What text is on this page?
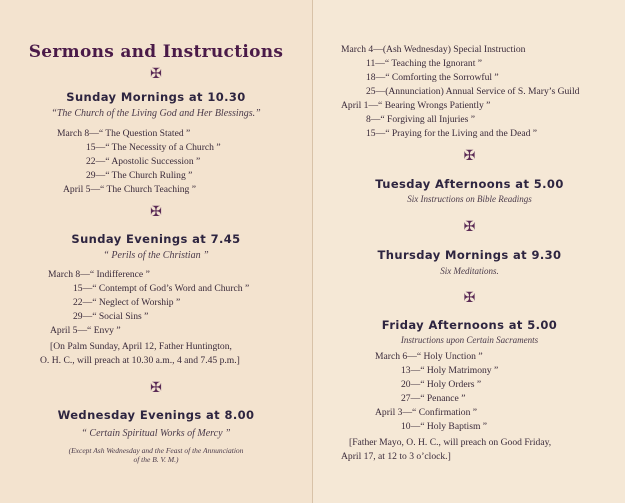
Sermons and Instructions
✠
Sunday Mornings at 10.30
“The Church of the Living God and Her Blessings.”
March 8—“ The Question Stated ”
15—“ The Necessity of a Church ”
22—“ Apostolic Succession ”
29—“ The Church Ruling ”
April 5—“ The Church Teaching ”
✠
Sunday Evenings at 7.45
“ Perils of the Christian ”
March 8—“ Indifference ”
15—“ Contempt of God’s Word and Church ”
22—“ Neglect of Worship ”
29—“ Social Sins ”
April 5—“ Envy ”
[On Palm Sunday, April 12, Father Huntington,
O. H. C., will preach at 10.30 a.m., 4 and 7.45 p.m.]
✠
Wednesday Evenings at 8.00
“ Certain Spiritual Works of Mercy ”
(Except Ash Wednesday and the Feast of the Annunciation
of the B. V. M.)
March 4—(Ash Wednesday) Special Instruction
11—“ Teaching the Ignorant ”
18—“ Comforting the Sorrowful ”
25—(Annunciation) Annual Service of S. Mary’s Guild
April 1—“ Bearing Wrongs Patiently ”
8—“ Forgiving all Injuries ”
15—“ Praying for the Living and the Dead ”
✠
Tuesday Afternoons at 5.00
Six Instructions on Bible Readings
✠
Thursday Mornings at 9.30
Six Meditations.
✠
Friday Afternoons at 5.00
Instructions upon Certain Sacraments
March 6—“ Holy Unction ”
13—“ Holy Matrimony ”
20—“ Holy Orders ”
27—“ Penance ”
April 3—“ Confirmation ”
10—“ Holy Baptism ”
[Father Mayo, O. H. C., will preach on Good Friday,
April 17, at 12 to 3 o’clock.]
